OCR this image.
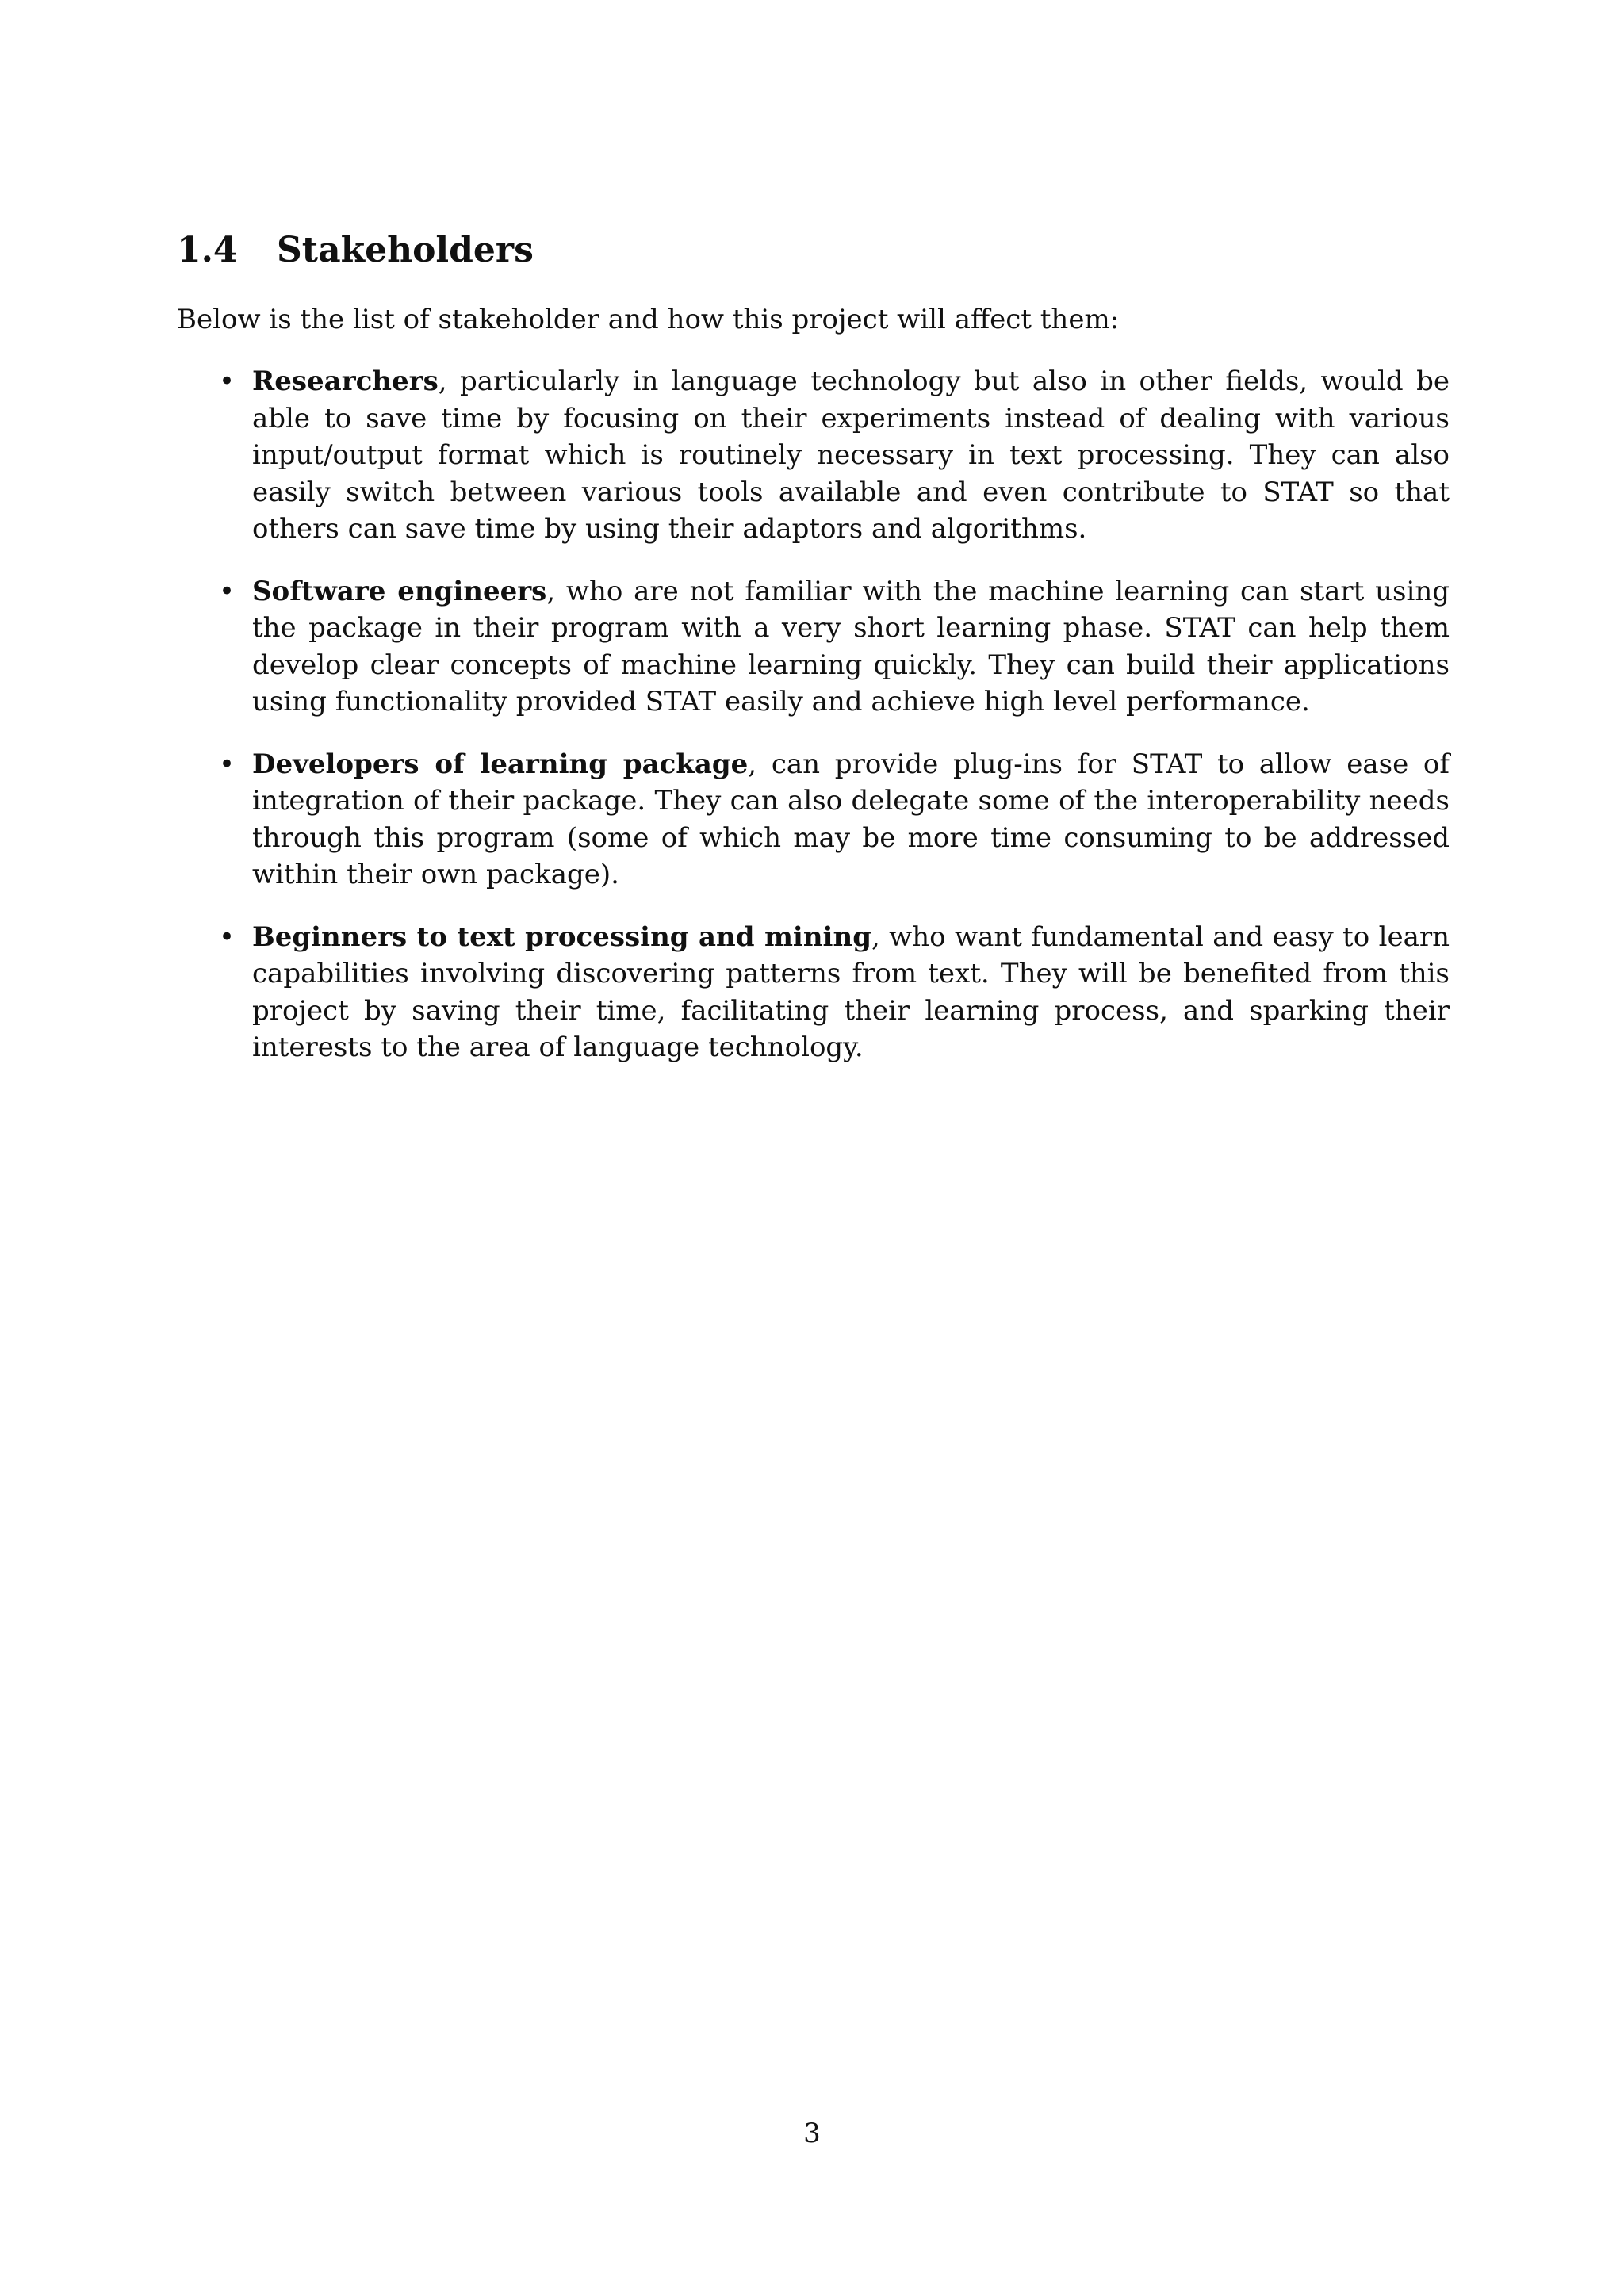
1.4 Stakeholders

Below is the list of stakeholder and how this project will affect them:

• Researchers, particularly in language technology but also in other fields, would be able to save time by focusing on their experiments instead of dealing with various input/output format which is routinely necessary in text processing. They can also easily switch between various tools available and even contribute to STAT so that others can save time by using their adaptors and algorithms.
• Software engineers, who are not familiar with the machine learning can start using the package in their program with a very short learning phase. STAT can help them develop clear concepts of machine learning quickly. They can build their applications using functionality provided STAT easily and achieve high level performance.
• Developers of learning package, can provide plug-ins for STAT to allow ease of integration of their package. They can also delegate some of the interoperability needs through this program (some of which may be more time consuming to be addressed within their own package).
• Beginners to text processing and mining, who want fundamental and easy to learn capabilities involving discovering patterns from text. They will be benefited from this project by saving their time, facilitating their learning process, and sparking their interests to the area of language technology.
3
